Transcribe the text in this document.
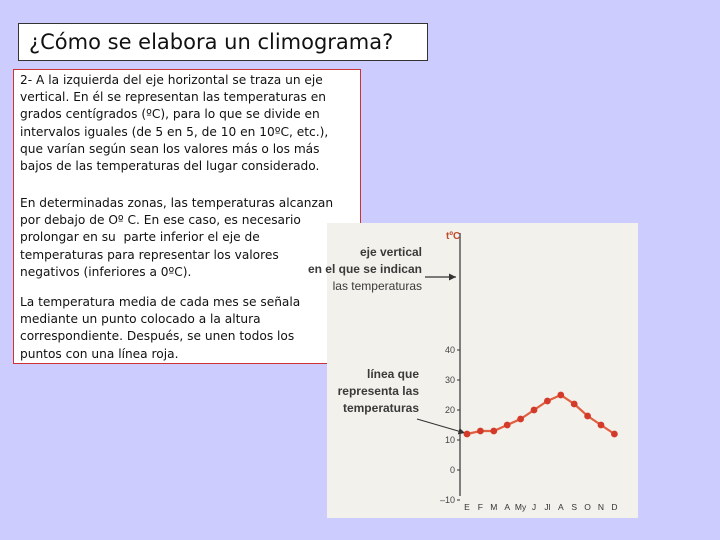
¿Cómo se elabora un climograma?

2- A la izquierda del eje horizontal se traza un eje
vertical. En él se representan las temperaturas en
grados centígrados (ºC), para lo que se divide en
intervalos iguales (de 5 en 5, de 10 en 10ºC, etc.),
que varían según sean los valores más o los más
bajos de las temperaturas del lugar considerado.

En determinadas zonas, las temperaturas alcanzan
por debajo de Oº C. En ese caso, es necesario
prolongar en su  parte inferior el eje de
temperaturas para representar los valores
negativos (inferiores a 0ºC).

La temperatura media de cada mes se señala
mediante un punto colocado a la altura
correspondiente. Después, se unen todos los
puntos con una línea roja.

eje vertical
en el que se indican
las temperaturas
línea que
representa las
temperaturas
tºC
40
30
20
10
0
–10
E F M A My J Jl A S O N D
